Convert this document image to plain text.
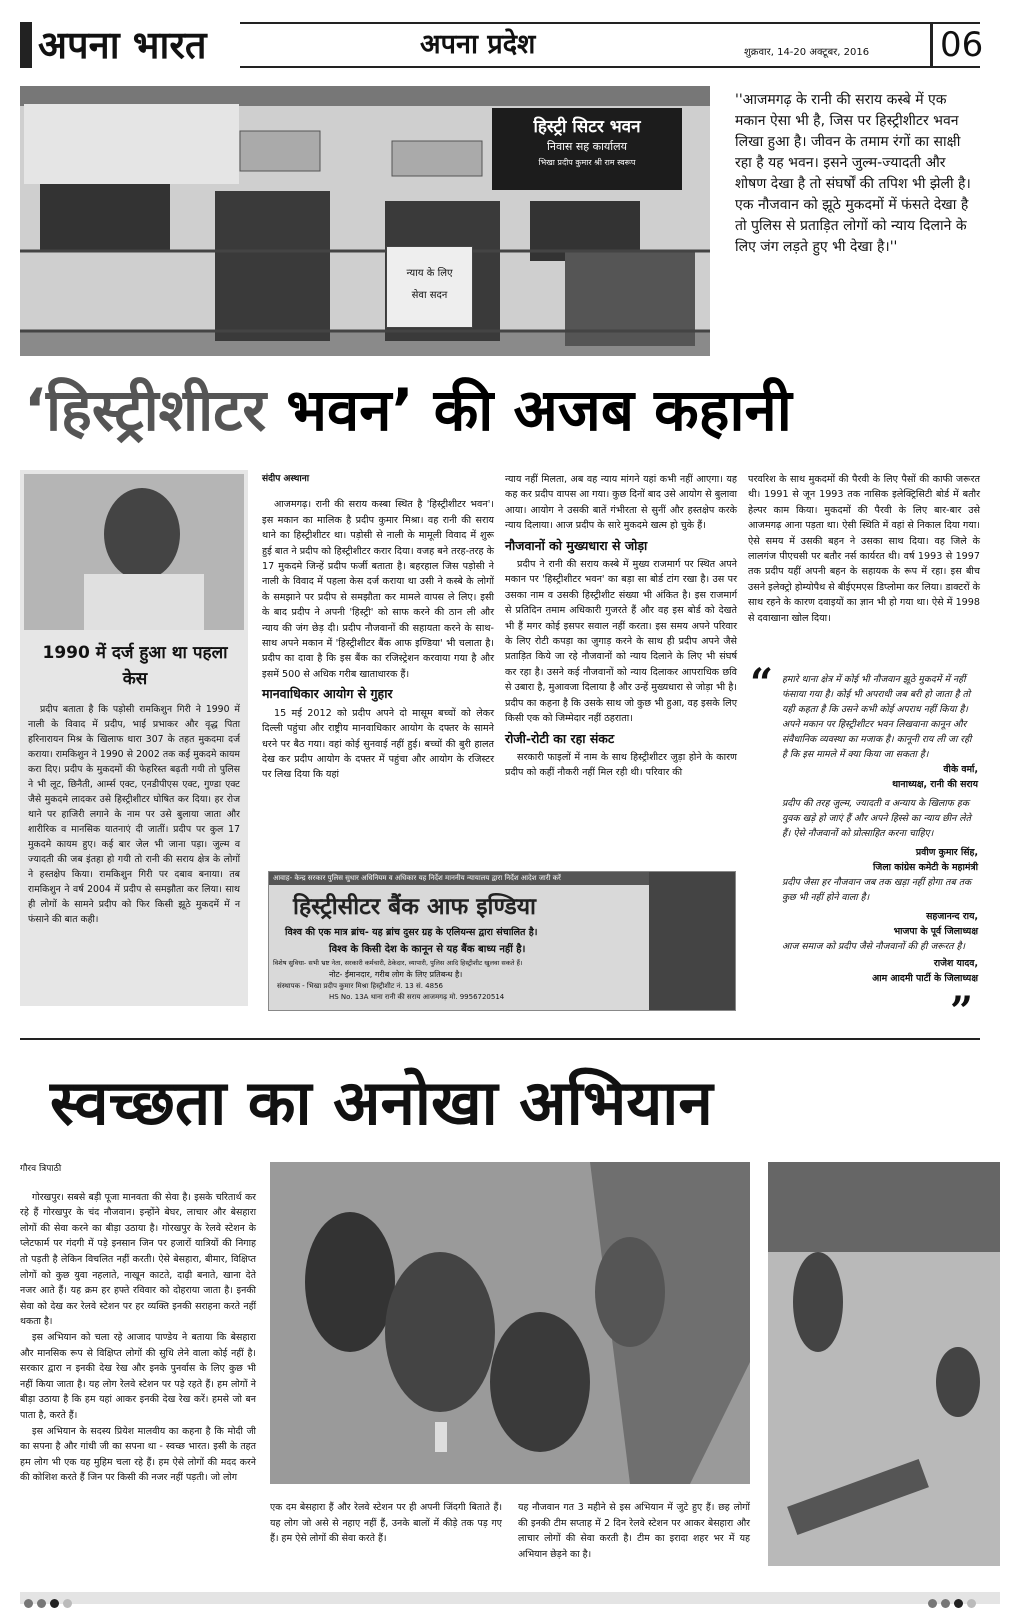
अपना भारत	अपना प्रदेश	शुक्रवार, 14-20 अक्टूबर, 2016 06
हिस्ट्री सिटर भवन
निवास सह कार्यालय
भिखा प्रदीप कुमार श्री राम स्वरूप
न्याय के लिए
सेवा सदन
''आजमगढ़ के रानी की सराय कस्बे में एक मकान ऐसा भी है, जिस पर हिस्ट्रीशीटर भवन लिखा हुआ है। जीवन के तमाम रंगों का साक्षी रहा है यह भवन। इसने जुल्म-ज्यादती और शोषण देखा है तो संघर्षों की तपिश भी झेली है। एक नौजवान को झूठे मुकदमों में फंसते देखा है तो पुलिस से प्रताड़ित लोगों को न्याय दिलाने के लिए जंग लड़ते हुए भी देखा है।''
‘हिस्ट्रीशीटर भवन’ की अजब कहानी
1990 में दर्ज हुआ था पहला केस

प्रदीप बताता है कि पड़ोसी रामकिशुन गिरी ने 1990 में नाली के विवाद में प्रदीप, भाई प्रभाकर और वृद्ध पिता हरिनारायन मिश्र के खिलाफ धारा 307 के तहत मुकदमा दर्ज कराया। रामकिशुन ने 1990 से 2002 तक कई मुकदमे कायम करा दिए। प्रदीप के मुकदमों की फेहरिस्त बढ़ती गयी तो पुलिस ने भी लूट, छिनैती, आर्म्स एक्ट, एनडीपीएस एक्ट, गुण्डा एक्ट जैसे मुकदमे लादकर उसे हिस्ट्रीशीटर घोषित कर दिया। हर रोज थाने पर हाजिरी लगाने के नाम पर उसे बुलाया जाता और शारीरिक व मानसिक यातनाएं दी जातीं। प्रदीप पर कुल 17 मुकदमे कायम हुए। कई बार जेल भी जाना पड़ा। जुल्म व ज्यादती की जब इंतहा हो गयी तो रानी की सराय क्षेत्र के लोगों ने हस्तक्षेप किया। रामकिशुन गिरी पर दबाव बनाया। तब रामकिशुन ने वर्ष 2004 में प्रदीप से समझौता कर लिया। साथ ही लोगों के सामने प्रदीप को फिर किसी झूठे मुकदमें में न फंसाने की बात कही।

संदीप अस्थाना

आजमगढ़। रानी की सराय कस्बा स्थित है 'हिस्ट्रीशीटर भवन'। इस मकान का मालिक है प्रदीप कुमार मिश्रा। वह रानी की सराय थाने का हिस्ट्रीशीटर था। पड़ोसी से नाली के मामूली विवाद में शुरू हुई बात ने प्रदीप को हिस्ट्रीशीटर करार दिया। वजह बने तरह-तरह के 17 मुकदमे जिन्हें प्रदीप फर्जी बताता है। बहरहाल जिस पड़ोसी ने नाली के विवाद में पहला केस दर्ज कराया था उसी ने कस्बे के लोगों के समझाने पर प्रदीप से समझौता कर मामले वापस ले लिए। इसी के बाद प्रदीप ने अपनी 'हिस्ट्री' को साफ करने की ठान ली और न्याय की जंग छेड़ दी। प्रदीप नौजवानों की सहायता करने के साथ-साथ अपने मकान में 'हिस्ट्रीशीटर बैंक आफ इण्डिया' भी चलाता है। प्रदीप का दावा है कि इस बैंक का रजिस्ट्रेशन करवाया गया है और इसमें 500 से अधिक गरीब खाताधारक हैं।

मानवाधिकार आयोग से गुहार

15 मई 2012 को प्रदीप अपने दो मासूम बच्चों को लेकर दिल्ली पहुंचा और राष्ट्रीय मानवाधिकार आयोग के दफ्तर के सामने धरने पर बैठ गया। वहां कोई सुनवाई नहीं हुई। बच्चों की बुरी हालत देख कर प्रदीप आयोग के दफ्तर में पहुंचा और आयोग के रजिस्टर पर लिख दिया कि यहां

न्याय नहीं मिलता, अब वह न्याय मांगने यहां कभी नहीं आएगा। यह कह कर प्रदीप वापस आ गया। कुछ दिनों बाद उसे आयोग से बुलावा आया। आयोग ने उसकी बातें गंभीरता से सुनीं और हस्तक्षेप करके न्याय दिलाया। आज प्रदीप के सारे मुकदमे खत्म हो चुके हैं।

नौजवानों को मुख्यधारा से जोड़ा

प्रदीप ने रानी की सराय कस्बे में मुख्य राजमार्ग पर स्थित अपने मकान पर 'हिस्ट्रीशीटर भवन' का बड़ा सा बोर्ड टांग रखा है। उस पर उसका नाम व उसकी हिस्ट्रीशीट संख्या भी अंकित है। इस राजमार्ग से प्रतिदिन तमाम अधिकारी गुजरते हैं और वह इस बोर्ड को देखते भी हैं मगर कोई इसपर सवाल नहीं करता। इस समय अपने परिवार के लिए रोटी कपड़ा का जुगाड़ करने के साथ ही प्रदीप अपने जैसे प्रताड़ित किये जा रहे नौजवानों को न्याय दिलाने के लिए भी संघर्ष कर रहा है। उसने कई नौजवानों को न्याय दिलाकर आपराधिक छवि से उबारा है, मुआवजा दिलाया है और उन्हें मुख्यधारा से जोड़ा भी है। प्रदीप का कहना है कि उसके साथ जो कुछ भी हुआ, वह इसके लिए किसी एक को जिम्मेदार नहीं ठहराता।

रोजी-रोटी का रहा संकट

सरकारी फाइलों में नाम के साथ हिस्ट्रीशीटर जुड़ा होने के कारण प्रदीप को कहीं नौकरी नहीं मिल रही थी। परिवार की

परवरिश के साथ मुकदमों की पैरवी के लिए पैसों की काफी जरूरत थी। 1991 से जून 1993 तक नासिक इलेक्ट्रिसिटी बोर्ड में बतौर हेल्पर काम किया। मुकदमों की पैरवी के लिए बार-बार उसे आजमगढ़ आना पड़ता था। ऐसी स्थिति में वहां से निकाल दिया गया। ऐसे समय में उसकी बहन ने उसका साथ दिया। वह जिले के लालगंज पीएचसी पर बतौर नर्स कार्यरत थी। वर्ष 1993 से 1997 तक प्रदीप यहीं अपनी बहन के सहायक के रूप में रहा। इस बीच उसने इलेक्ट्रो होम्योपैथ से बीईएमएस डिप्लोमा कर लिया। डाक्टरों के साथ रहने के कारण दवाइयों का ज्ञान भी हो गया था। ऐसे में 1998 से दवाखाना खोल दिया।

“ हमारे थाना क्षेत्र में कोई भी नौजवान झूठे मुकदमें में नहीं फंसाया गया है। कोई भी अपराधी जब बरी हो जाता है तो यही कहता है कि उसने कभी कोई अपराध नहीं किया है। अपने मकान पर हिस्ट्रीशीटर भवन लिखवाना कानून और संवैधानिक व्यवस्था का मजाक है। कानूनी राय ली जा रही है कि इस मामले में क्या किया जा सकता है।
वीके वर्मा,
थानाध्यक्ष, रानी की सराय
प्रदीप की तरह जुल्म, ज्यादती व अन्याय के खिलाफ हक युवक खड़े हो जाएं हैं और अपने हिस्से का न्याय छीन लेते हैं। ऐसे नौजवानों को प्रोत्साहित करना चाहिए।
प्रवीण कुमार सिंह,
जिला कांग्रेस कमेटी के महामंत्री
प्रदीप जैसा हर नौजवान जब तक खड़ा नहीं होगा तब तक कुछ भी नहीं होने वाला है।
सहजानन्द राय,
भाजपा के पूर्व जिलाध्यक्ष
आज समाज को प्रदीप जैसे नौजवानों की ही जरूरत है।
राजेश यादव,
आम आदमी पार्टी के जिलाध्यक्ष
”
आवाह- केन्द्र सरकार पुलिस सुधार अधिनियम व अधिकार यह निर्देश माननीय न्यायालय द्वारा निर्देश आदेश जारी करें
हिस्ट्रीसीटर बैंक आफ इण्डिया
विश्व की एक मात्र ब्रांच- यह ब्रांच दुसर ग्रह के एलियन्स द्वारा संचालित है।
विश्व के किसी देश के कानून से यह बैंक बाध्य नहीं है।
विशेष सुविधा- सभी भ्रष्ट नेता, सरकारी कर्मचारी, ठेकेदार, व्यापारी, पुलिस आदि हिस्ट्रीशीट खुलवा सकते हैं।
नोट- ईमानदार, गरीब लोग के लिए प्रतिबन्ध है।
संस्थापक - भिखा प्रदीप कुमार मिश्रा हिस्ट्रीशीट नं. 13 सं. 4856
HS No. 13A थाना रानी की सराय आजमगढ़ मो. 9956720514
स्वच्छता का अनोखा अभियान
गौरव त्रिपाठी

गोरखपुर। सबसे बड़ी पूजा मानवता की सेवा है। इसके चरितार्थ कर रहे हैं गोरखपुर के चंद नौजवान। इन्होंने बेघर, लाचार और बेसहारा लोगों की सेवा करने का बीड़ा उठाया है। गोरखपुर के रेलवे स्टेशन के प्लेटफार्म पर गंदगी में पड़े इनसान जिन पर हजारों यात्रियों की निगाह तो पड़ती है लेकिन विचलित नहीं करती। ऐसे बेसहारा, बीमार, विक्षिप्त लोगों को कुछ युवा नहलाते, नाखून काटते, दाढ़ी बनाते, खाना देते नजर आते हैं। यह क्रम हर हफ्ते रविवार को दोहराया जाता है। इनकी सेवा को देख कर रेलवे स्टेशन पर हर व्यक्ति इनकी सराहना करते नहीं थकता है।

इस अभियान को चला रहे आजाद पाण्डेय ने बताया कि बेसहारा और मानसिक रूप से विक्षिप्त लोगों की सुधि लेने वाला कोई नहीं है। सरकार द्वारा न इनकी देख रेख और इनके पुनर्वास के लिए कुछ भी नहीं किया जाता है। यह लोग रेलवे स्टेशन पर पड़े रहते हैं। हम लोगों ने बीड़ा उठाया है कि हम यहां आकर इनकी देख रेख करें। हमसे जो बन पाता है, करते हैं।

इस अभियान के सदस्य प्रियेश मालवीय का कहना है कि मोदी जी का सपना है और गांधी जी का सपना था - स्वच्छ भारत। इसी के तहत हम लोग भी एक यह मुहिम चला रहे हैं। हम ऐसे लोगों की मदद करने की कोशिश करते हैं जिन पर किसी की नजर नहीं पड़ती। जो लोग

एक दम बेसहारा हैं और रेलवे स्टेशन पर ही अपनी जिंदगी बिताते हैं। यह लोग जो असे से नहाए नहीं हैं, उनके बालों में कीड़े तक पड़ गए हैं। हम ऐसे लोगों की सेवा करते हैं।
यह नौजवान गत 3 महीने से इस अभियान में जुटे हुए हैं। छह लोगों की इनकी टीम सप्ताह में 2 दिन रेलवे स्टेशन पर आकर बेसहारा और लाचार लोगों की सेवा करती है। टीम का इरादा शहर भर में यह अभियान छेड़ने का है।
